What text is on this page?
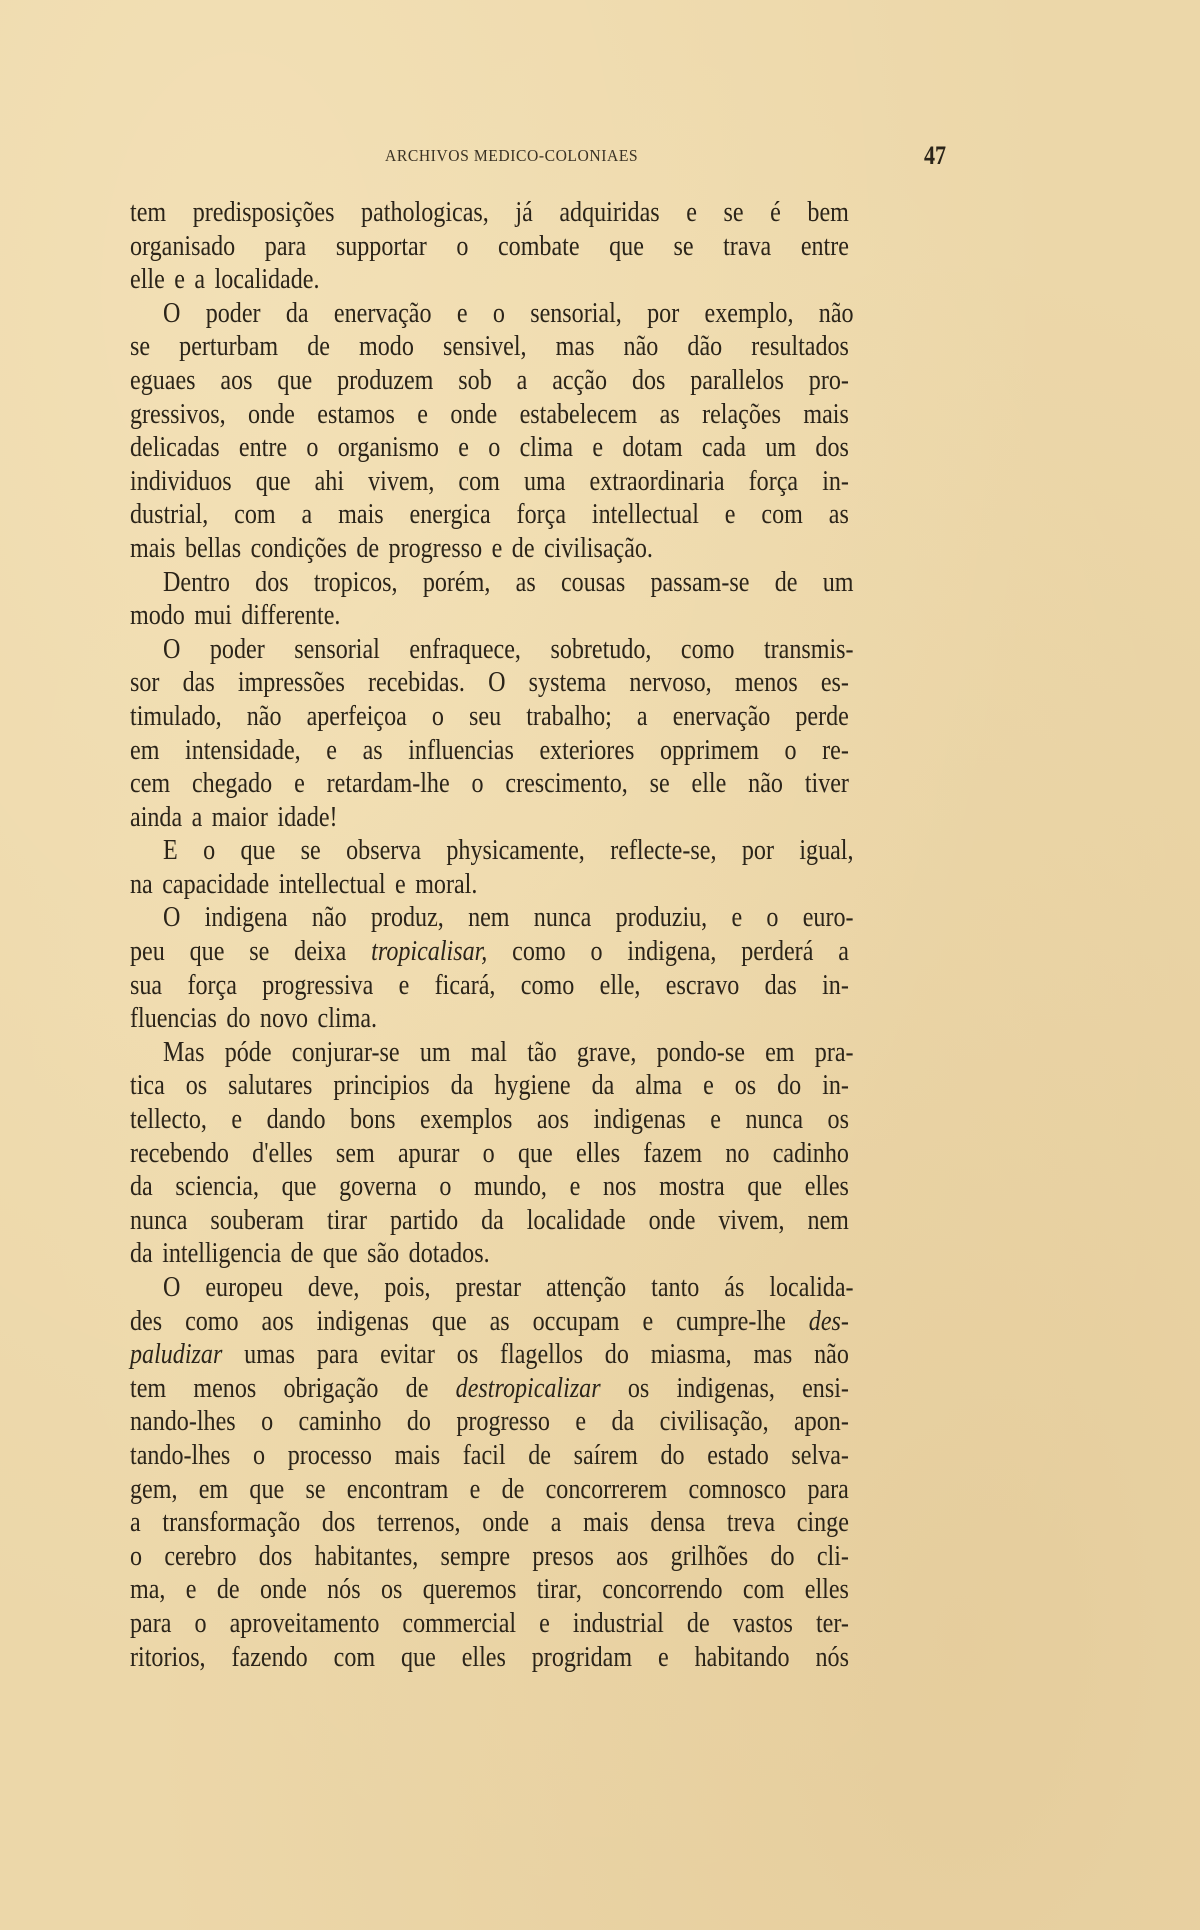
ARCHIVOS MEDICO-COLONIAES	47
tem predisposições pathologicas, já adquiridas e se é bem
organisado para supportar o combate que se trava entre
elle e a localidade.
O poder da enervação e o sensorial, por exemplo, não
se perturbam de modo sensivel, mas não dão resultados
eguaes aos que produzem sob a acção dos parallelos pro-
gressivos, onde estamos e onde estabelecem as relações mais
delicadas entre o organismo e o clima e dotam cada um dos
individuos que ahi vivem, com uma extraordinaria força in-
dustrial, com a mais energica força intellectual e com as
mais bellas condições de progresso e de civilisação.
Dentro dos tropicos, porém, as cousas passam-se de um
modo mui differente.
O poder sensorial enfraquece, sobretudo, como transmis-
sor das impressões recebidas. O systema nervoso, menos es-
timulado, não aperfeiçoa o seu trabalho; a enervação perde
em intensidade, e as influencias exteriores opprimem o re-
cem chegado e retardam-lhe o crescimento, se elle não tiver
ainda a maior idade!
E o que se observa physicamente, reflecte-se, por igual,
na capacidade intellectual e moral.
O indigena não produz, nem nunca produziu, e o euro-
peu que se deixa tropicalisar, como o indigena, perderá a
sua força progressiva e ficará, como elle, escravo das in-
fluencias do novo clima.
Mas póde conjurar-se um mal tão grave, pondo-se em pra-
tica os salutares principios da hygiene da alma e os do in-
tellecto, e dando bons exemplos aos indigenas e nunca os
recebendo d'elles sem apurar o que elles fazem no cadinho
da sciencia, que governa o mundo, e nos mostra que elles
nunca souberam tirar partido da localidade onde vivem, nem
da intelligencia de que são dotados.
O europeu deve, pois, prestar attenção tanto ás localida-
des como aos indigenas que as occupam e cumpre-lhe des-
paludizar umas para evitar os flagellos do miasma, mas não
tem menos obrigação de destropicalizar os indigenas, ensi-
nando-lhes o caminho do progresso e da civilisação, apon-
tando-lhes o processo mais facil de saírem do estado selva-
gem, em que se encontram e de concorrerem comnosco para
a transformação dos terrenos, onde a mais densa treva cinge
o cerebro dos habitantes, sempre presos aos grilhões do cli-
ma, e de onde nós os queremos tirar, concorrendo com elles
para o aproveitamento commercial e industrial de vastos ter-
ritorios, fazendo com que elles progridam e habitando nós
